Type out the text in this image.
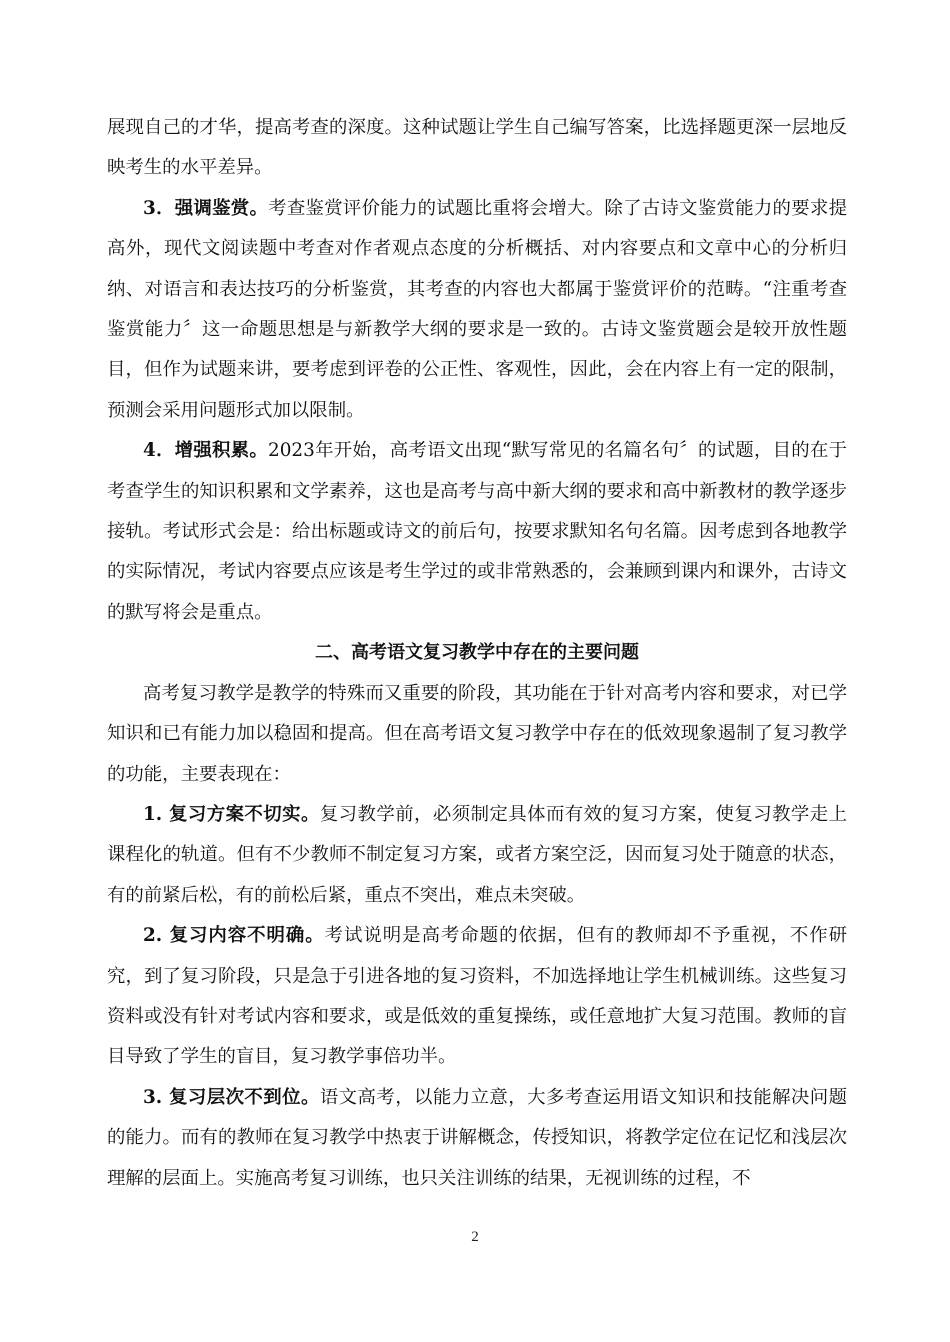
展现自己的才华，提高考查的深度。这种试题让学生自己编写答案，比选择题更深一层地反映考生的水平差异。

3．强调鉴赏。考查鉴赏评价能力的试题比重将会增大。除了古诗文鉴赏能力的要求提高外，现代文阅读题中考查对作者观点态度的分析概括、对内容要点和文章中心的分析归纳、对语言和表达技巧的分析鉴赏，其考查的内容也大都属于鉴赏评价的范畴。“注重考查鉴赏能力〞这一命题思想是与新教学大纲的要求是一致的。古诗文鉴赏题会是较开放性题目，但作为试题来讲，要考虑到评卷的公正性、客观性，因此，会在内容上有一定的限制，预测会采用问题形式加以限制。

4．增强积累。2023年开始，高考语文出现“默写常见的名篇名句〞的试题，目的在于考查学生的知识积累和文学素养，这也是高考与高中新大纲的要求和高中新教材的教学逐步接轨。考试形式会是：给出标题或诗文的前后句，按要求默知名句名篇。因考虑到各地教学的实际情况，考试内容要点应该是考生学过的或非常熟悉的，会兼顾到课内和课外，古诗文的默写将会是重点。

二、高考语文复习教学中存在的主要问题

高考复习教学是教学的特殊而又重要的阶段，其功能在于针对高考内容和要求，对已学知识和已有能力加以稳固和提高。但在高考语文复习教学中存在的低效现象遏制了复习教学的功能，主要表现在：

1. 复习方案不切实。复习教学前，必须制定具体而有效的复习方案，使复习教学走上课程化的轨道。但有不少教师不制定复习方案，或者方案空泛，因而复习处于随意的状态，有的前紧后松，有的前松后紧，重点不突出，难点未突破。

2. 复习内容不明确。考试说明是高考命题的依据，但有的教师却不予重视，不作研究，到了复习阶段，只是急于引进各地的复习资料，不加选择地让学生机械训练。这些复习资料或没有针对考试内容和要求，或是低效的重复操练，或任意地扩大复习范围。教师的盲目导致了学生的盲目，复习教学事倍功半。

3. 复习层次不到位。语文高考，以能力立意，大多考查运用语文知识和技能解决问题的能力。而有的教师在复习教学中热衷于讲解概念，传授知识，将教学定位在记忆和浅层次理解的层面上。实施高考复习训练，也只关注训练的结果，无视训练的过程，不

2
